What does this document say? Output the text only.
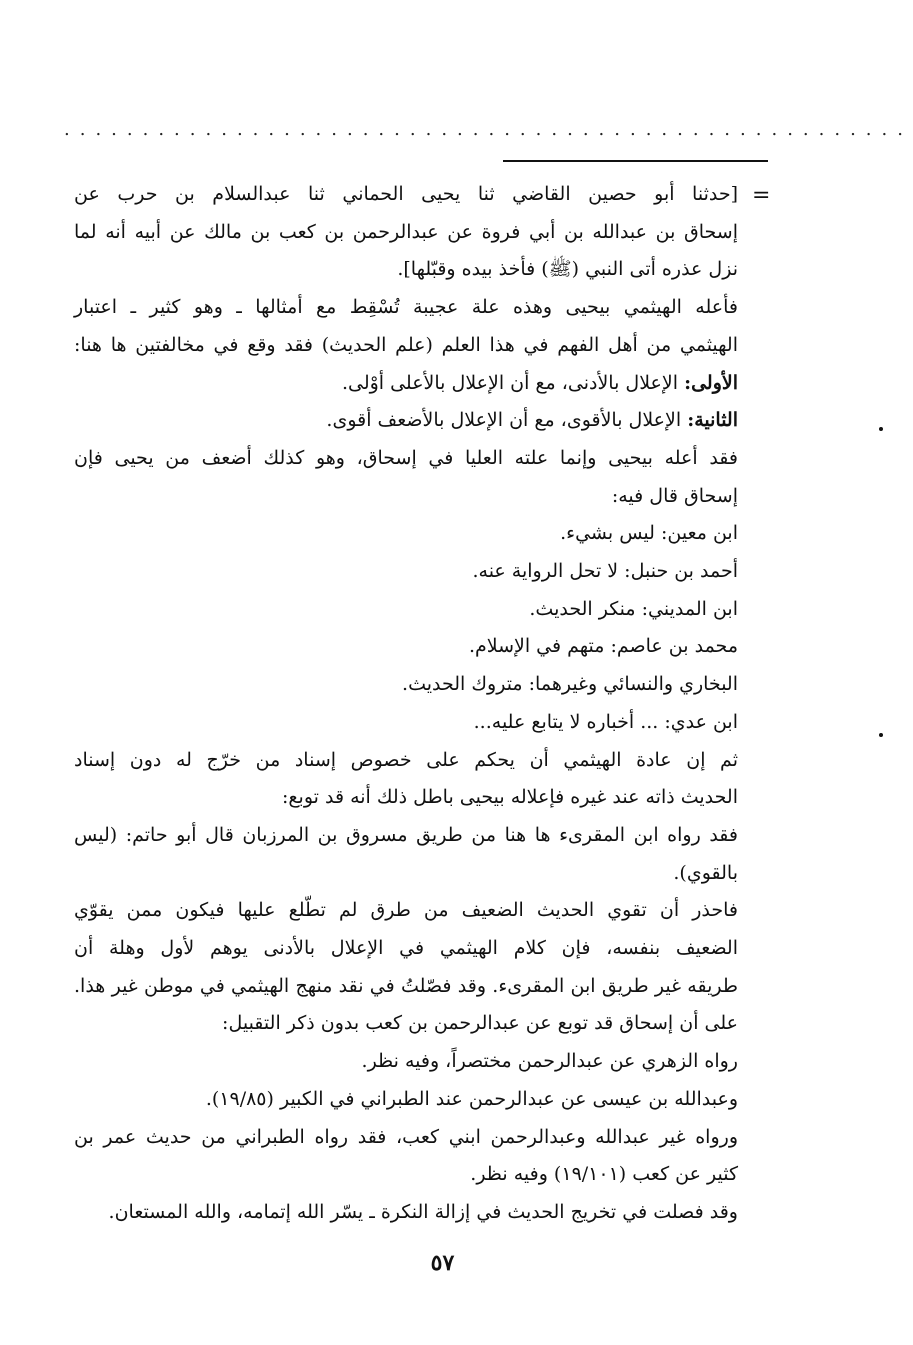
......................................................
=
[حدثنا أبو حصين القاضي ثنا يحيى الحماني ثنا عبدالسلام بن حرب عن
إسحاق بن عبدالله بن أبي فروة عن عبدالرحمن بن كعب بن مالك عن أبيه أنه لما
نزل عذره أتى النبي (ﷺ) فأخذ بيده وقبّلها].
فأعله الهيثمي بيحيى وهذه علة عجيبة تُسْقِط مع أمثالها ـ وهو كثير ـ اعتبار
الهيثمي من أهل الفهم في هذا العلم (علم الحديث) فقد وقع في مخالفتين ها هنا:
الأولى: الإعلال بالأدنى، مع أن الإعلال بالأعلى أوْلى.
الثانية: الإعلال بالأقوى، مع أن الإعلال بالأضعف أقوى.
فقد أعله بيحيى وإنما علته العليا في إسحاق، وهو كذلك أضعف من يحيى فإن
إسحاق قال فيه:
ابن معين: ليس بشيء.
أحمد بن حنبل: لا تحل الرواية عنه.
ابن المديني: منكر الحديث.
محمد بن عاصم: متهم في الإسلام.
البخاري والنسائي وغيرهما: متروك الحديث.
ابن عدي: ... أخباره لا يتابع عليه...
ثم إن عادة الهيثمي أن يحكم على خصوص إسناد من خرّج له دون إسناد
الحديث ذاته عند غيره فإعلاله بيحيى باطل ذلك أنه قد توبع:
فقد رواه ابن المقرىء ها هنا من طريق مسروق بن المرزبان قال أبو حاتم: (ليس
بالقوي).
فاحذر أن تقوي الحديث الضعيف من طرق لم تطّلع عليها فيكون ممن يقوّي
الضعيف بنفسه، فإن كلام الهيثمي في الإعلال بالأدنى يوهم لأول وهلة أن
طريقه غير طريق ابن المقرىء. وقد فصّلتُ في نقد منهج الهيثمي في موطن غير هذا.
على أن إسحاق قد توبع عن عبدالرحمن بن كعب بدون ذكر التقبيل:
رواه الزهري عن عبدالرحمن مختصراً، وفيه نظر.
وعبدالله بن عيسى عن عبدالرحمن عند الطبراني في الكبير (١٩/٨٥).
ورواه غير عبدالله وعبدالرحمن ابني كعب، فقد رواه الطبراني من حديث عمر بن
كثير عن كعب (١٩/١٠١) وفيه نظر.
وقد فصلت في تخريج الحديث في إزالة النكرة ـ يسّر الله إتمامه، والله المستعان.
٥٧
